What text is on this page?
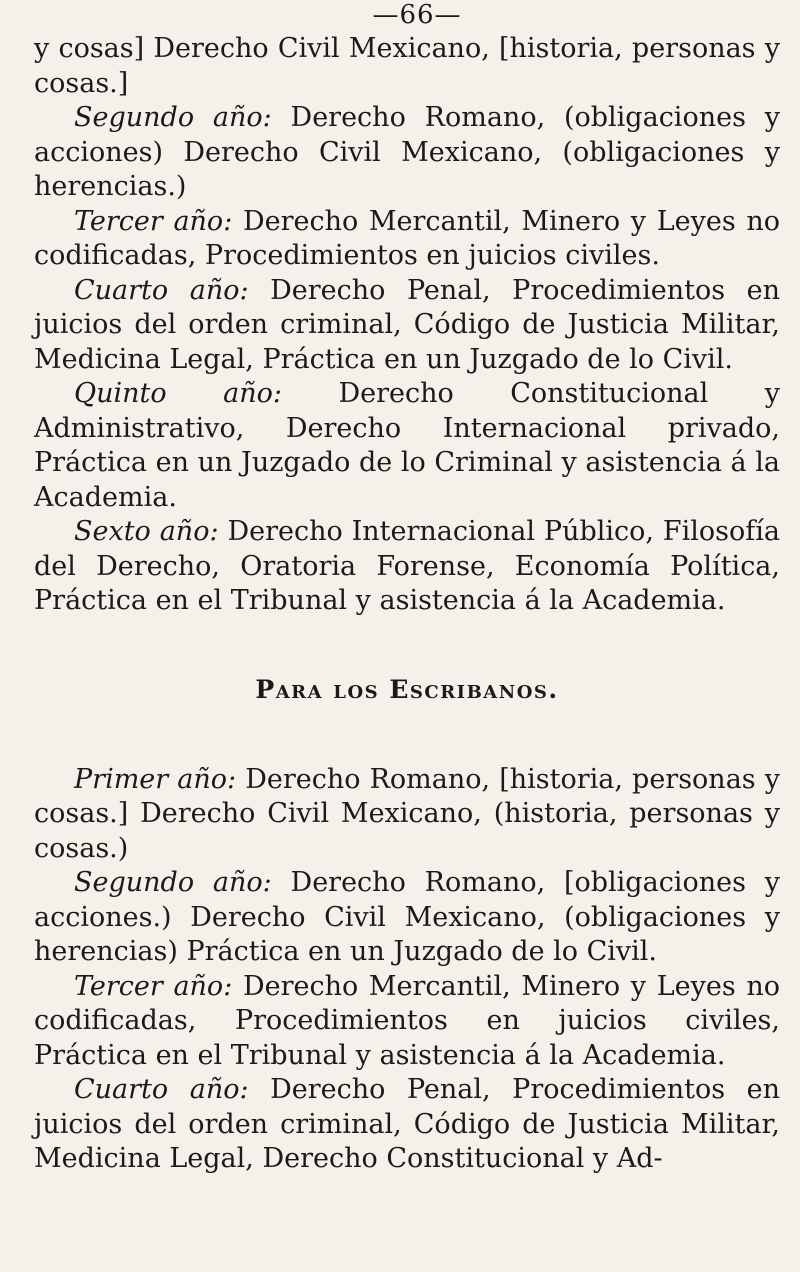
—66—

y cosas] Derecho Civil Mexicano, [historia, personas y cosas.]

Segundo año: Derecho Romano, (obligaciones y acciones) Derecho Civil Mexicano, (obligaciones y herencias.)

Tercer año: Derecho Mercantil, Minero y Leyes no codificadas, Procedimientos en juicios civiles.

Cuarto año: Derecho Penal, Procedimientos en juicios del orden criminal, Código de Justicia Militar, Medicina Legal, Práctica en un Juzgado de lo Civil.

Quinto año: Derecho Constitucional y Administrativo, Derecho Internacional privado, Práctica en un Juzgado de lo Criminal y asistencia á la Academia.

Sexto año: Derecho Internacional Público, Filosofía del Derecho, Oratoria Forense, Economía Política, Práctica en el Tribunal y asistencia á la Academia.

Para los Escribanos.

Primer año: Derecho Romano, [historia, personas y cosas.] Derecho Civil Mexicano, (historia, personas y cosas.)

Segundo año: Derecho Romano, [obligaciones y acciones.) Derecho Civil Mexicano, (obligaciones y herencias) Práctica en un Juzgado de lo Civil.

Tercer año: Derecho Mercantil, Minero y Leyes no codificadas, Procedimientos en juicios civiles, Práctica en el Tribunal y asistencia á la Academia.

Cuarto año: Derecho Penal, Procedimientos en juicios del orden criminal, Código de Justicia Militar, Medicina Legal, Derecho Constitucional y Ad-
